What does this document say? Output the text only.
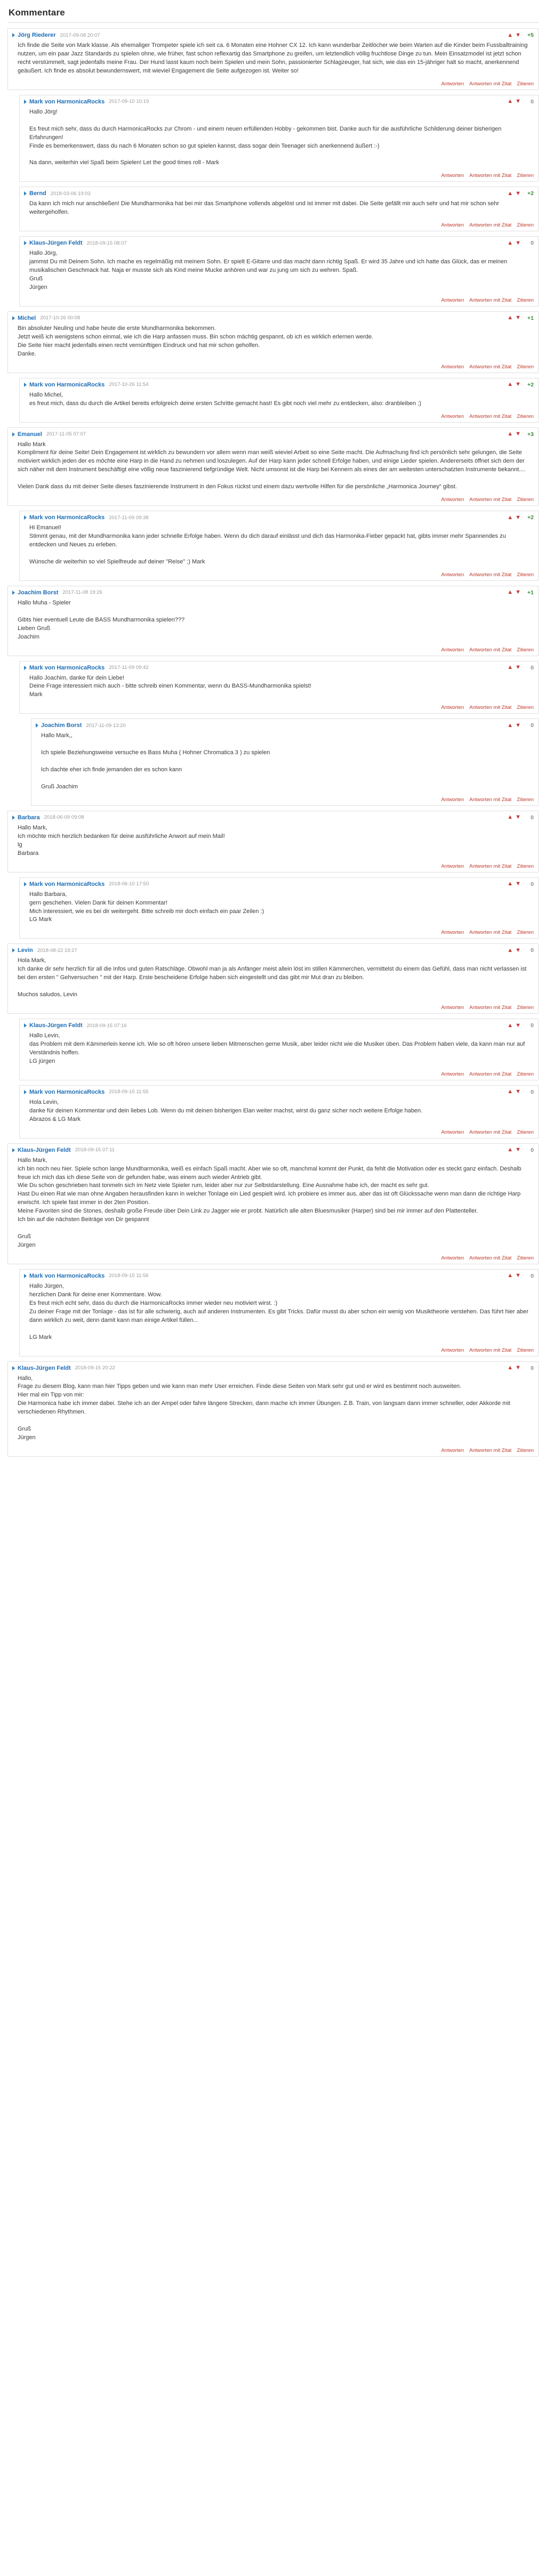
Kommentare
Jörg Riederer 2017-09-08 20:07	▲ ▼	+5
Ich finde die Seite von Mark klasse. Als ehemaliger Trompeter spiele ich seit ca. 6 Monaten eine Hohner CX 12. Ich kann wunderbar Zeitlöcher wie beim Warten auf die Kinder beim Fussballtraining nutzen, um ein paar Jazz Standards zu spielen ohne, wie früher, fast schon reflexartig das Smartphone zu greifen, um letztendlich völlig fruchtlose Dinge zu tun. Mein Einsatzmodel ist jetzt schon recht verstümmelt, sagt jedenfalls meine Frau. Der Hund lasst kaum noch beim Spielen und mein Sohn, passionierter Schlagzeuger, hat sich, wie das ein 15-jähriger halt so macht, anerkennend geäußert. Ich finde es absolut bewundernswert, mit wieviel Engagement die Seite aufgezogen ist. Weiter so!
Antworten Antworten mit Zitat Zitieren
Mark von HarmonicaRocks 2017-09-10 10:19	▲ ▼	0
Hallo Jörg!

Es freut mich sehr, dass du durch HarmonicaRocks zur Chrom - und einem neuen erfüllenden Hobby - gekommen bist. Danke auch für die ausführliche Schilderung deiner bisherigen Erfahrungen!
Finde es bemerkenswert, dass du nach 6 Monaten schon so gut spielen kannst, dass sogar dein Teenager sich anerkennend äußert :-)

Na dann, weiterhin viel Spaß beim Spielen! Let the good times roll - Mark
Antworten Antworten mit Zitat Zitieren
Bernd 2018-03-06 19:03	▲ ▼	+2
Da kann ich mich nur anschließen! Die Mundharmonika hat bei mir das Smartphone vollends abgelöst und ist immer mit dabei. Die Seite gefällt mir auch sehr und hat mir schon sehr weitergeholfen.
Antworten Antworten mit Zitat Zitieren
Klaus-Jürgen Feldt 2018-09-15 08:07	▲ ▼	0
Hallo Jörg,
jammst Du mit Deinem Sohn. Ich mache es regelmäßig mit meinem Sohn. Er spielt E-Gitarre und das macht dann richtig Spaß. Er wird 35 Jahre und ich hatte das Glück, das er meinen musikalischen Geschmack hat. Naja er musste sich als Kind meine Mucke anhören und war zu jung um sich zu wehren. Spaß.
Gruß
Jürgen
Antworten Antworten mit Zitat Zitieren
Michel 2017-10-26 00:08	▲ ▼	+1
Bin absoluter Neuling und habe heute die erste Mundharmonika bekommen.
Jetzt weiß ich wenigstens schon einmal, wie ich die Harp anfassen muss. Bin schon mächtig gespannt, ob ich es wirklich erlernen werde.
Die Seite hier macht jedenfalls einen recht vernünftigen Eindruck und hat mir schon geholfen.
Danke.
Antworten Antworten mit Zitat Zitieren
Mark von HarmonicaRocks 2017-10-26 11:54	▲ ▼	+2
Hallo Michel,
es freut mich, dass du durch die Artikel bereits erfolgreich deine ersten Schritte gemacht hast! Es gibt noch viel mehr zu entdecken, also: dranbleiben ;)
Antworten Antworten mit Zitat Zitieren
Emanuel 2017-11-05 07:07	▲ ▼	+3
Hallo Mark
Kompliment für deine Seite! Dein Engagement ist wirklich zu bewundern vor allem wenn man weiß wieviel Arbeit so eine Seite macht. Die Aufmachung find ich persönlich sehr gelungen, die Seite motiviert wirklich jeden der es möchte eine Harp in die Hand zu nehmen und loszulegen. Auf der Harp kann jeder schnell Erfolge haben, und einige Lieder spielen. Andererseits öffnet sich dem der sich näher mit dem Instrument beschäftigt eine völlig neue faszinierend tiefgründige Welt. Nicht umsonst ist die Harp bei Kennern als eines der am weitesten unterschatzten Instrumente bekannt....

Vielen Dank dass du mit deiner Seite dieses faszinierende Instrument in den Fokus rückst und einem dazu wertvolle Hilfen für die persönliche „Harmonica Journey“ gibst.
Antworten Antworten mit Zitat Zitieren
Mark von HarmonicaRocks 2017-11-09 09:38	▲ ▼	+2
Hi Emanuel!
Stimmt genau, mit der Mundharmonika kann jeder schnelle Erfolge haben. Wenn du dich darauf einlässt und dich das Harmonika-Fieber gepackt hat, gibts immer mehr Spannendes zu entdecken und Neues zu erleben.

Wünsche dir weiterhin so viel Spielfreude auf deiner "Reise" ;) Mark
Antworten Antworten mit Zitat Zitieren
Joachim Borst 2017-11-08 19:26	▲ ▼	+1
Hallo Muha - Spieler

Gibts hier eventuell Leute die BASS Mundharmonika spielen???
Lieben Gruß
Joachim
Antworten Antworten mit Zitat Zitieren
Mark von HarmonicaRocks 2017-11-09 09:42	▲ ▼	0
Hallo Joachim, danke für dein Liebe!
Deine Frage interessiert mich auch - bitte schreib einen Kommentar, wenn du BASS-Mundharmonika spielst!
Mark
Antworten Antworten mit Zitat Zitieren
Joachim Borst 2017-11-09 13:20	▲ ▼	0
Hallo Mark,,

Ich spiele Beziehungsweise versuche es Bass Muha ( Hohner Chromatica 3 ) zu spielen

Ich dachte eher ich finde jemanden der es schon kann

Gruß Joachim
Antworten Antworten mit Zitat Zitieren
Barbara 2018-06-09 09:08	▲ ▼	0
Hallo Mark,
Ich möchte mich herzlich bedanken für deine ausführliche Anwort auf mein Mail!
lg
Barbara
Antworten Antworten mit Zitat Zitieren
Mark von HarmonicaRocks 2018-06-10 17:50	▲ ▼	0
Hallo Barbara,
gern geschehen. Vielen Dank für deinen Kommentar!
Mich interessiert, wie es bei dir weitergeht. Bitte schreib mir doch einfach ein paar Zeilen :)
LG Mark
Antworten Antworten mit Zitat Zitieren
Levin 2018-08-22 19:27	▲ ▼	0
Hola Mark,
Ich danke dir sehr herzlich für all die Infos und guten Ratschläge. Obwohl man ja als Anfänger meist allein löst im stillen Kämmerchen, vermittelst du einem das Gefühl, dass man nicht verlassen ist bei den ersten " Gehversuchen " mit der Harp. Erste bescheidene Erfolge haben sich eingestellt und das gibt mir Mut dran zu bleiben.

Muchos saludos, Levin
Antworten Antworten mit Zitat Zitieren
Klaus-Jürgen Feldt 2018-09-15 07:16	▲ ▼	0
Hallo Levin,
das Problem mit dem Kämmerlein kenne ich. Wie so oft hören unsere lieben Mitmenschen gerne Musik, aber leider nicht wie die Musiker üben. Das Problem haben viele, da kann man nur auf Verständnis hoffen.
LG jürgen
Antworten Antworten mit Zitat Zitieren
Mark von HarmonicaRocks 2018-09-15 11:55	▲ ▼	0
Hola Levin,
danke für deinen Kommentar und dein liebes Lob. Wenn du mit deinen bisherigen Elan weiter machst, wirst du ganz sicher noch weitere Erfolge haben.
Abrazos & LG Mark
Antworten Antworten mit Zitat Zitieren
Klaus-Jürgen Feldt 2018-09-15 07:11	▲ ▼	0
Hallo Mark,
ich bin noch neu hier. Spiele schon lange Mundharmonika, weiß es einfach Spaß macht. Aber wie so oft, manchmal kommt der Punkt, da fehlt die Motivation oder es steckt ganz einfach. Deshalb freue ich mich das ich diese Seite von dir gefunden habe, was einem auch wieder Antrieb gibt.
Wie Du schon geschrieben hast tonmeln sich im Netz viele Spieler rum, leider aber nur zur Selbstdarstellung. Eine Ausnahme habe ich, der macht es sehr gut.
Hast Du einen Rat wie man ohne Angaben herausfinden kann in welcher Tonlage ein Lied gespielt wird. Ich probiere es immer aus, aber das ist oft Glückssache wenn man dann die richtige Harp erwischt. Ich spiele fast immer in der 2ten Position.
Meine Favoriten sind die Stones, deshalb große Freude über Dein Link zu Jagger wie er probt. Natürlich alle alten Bluesmusiker (Harper) sind bei mir immer auf den Plattenteller.
Ich bin auf die nächsten Beiträge von Dir gespannt

Gruß
Jürgen
Antworten Antworten mit Zitat Zitieren
Mark von HarmonicaRocks 2018-09-15 11:56	▲ ▼	0
Hallo Jürgen,
herzlichen Dank für deine ener Kommentare. Wow.
Es freut mich echt sehr, dass du durch die HarmonicaRocks immer wieder neu motiviert wirst. :)
Zu deiner Frage mit der Tonlage - das ist für alle schwierig, auch auf anderen Instrumenten. Es gibt Tricks. Dafür musst du aber schon ein wenig von Musiktheorie verstehen. Das führt hier aber dann wirklich zu weit, denn damit kann man einige Artikel füllen...

LG Mark
Antworten Antworten mit Zitat Zitieren
Klaus-Jürgen Feldt 2018-09-15 20:22	▲ ▼	0
Hallo,
Frage zu diesem Blog, kann man hier Tipps geben und wie kann man mehr User erreichen. Finde diese Seiten von Mark sehr gut und er wird es bestimmt noch ausweiten.
Hier mal ein Tipp von mir:
Die Harmonica habe ich immer dabei. Stehe ich an der Ampel oder fahre längere Strecken, dann mache ich immer Übungen. Z.B. Train, von langsam dann immer schneller, oder Akkorde mit verschiedenen Rhythmen.

Gruß
Jürgen
Antworten Antworten mit Zitat Zitieren
